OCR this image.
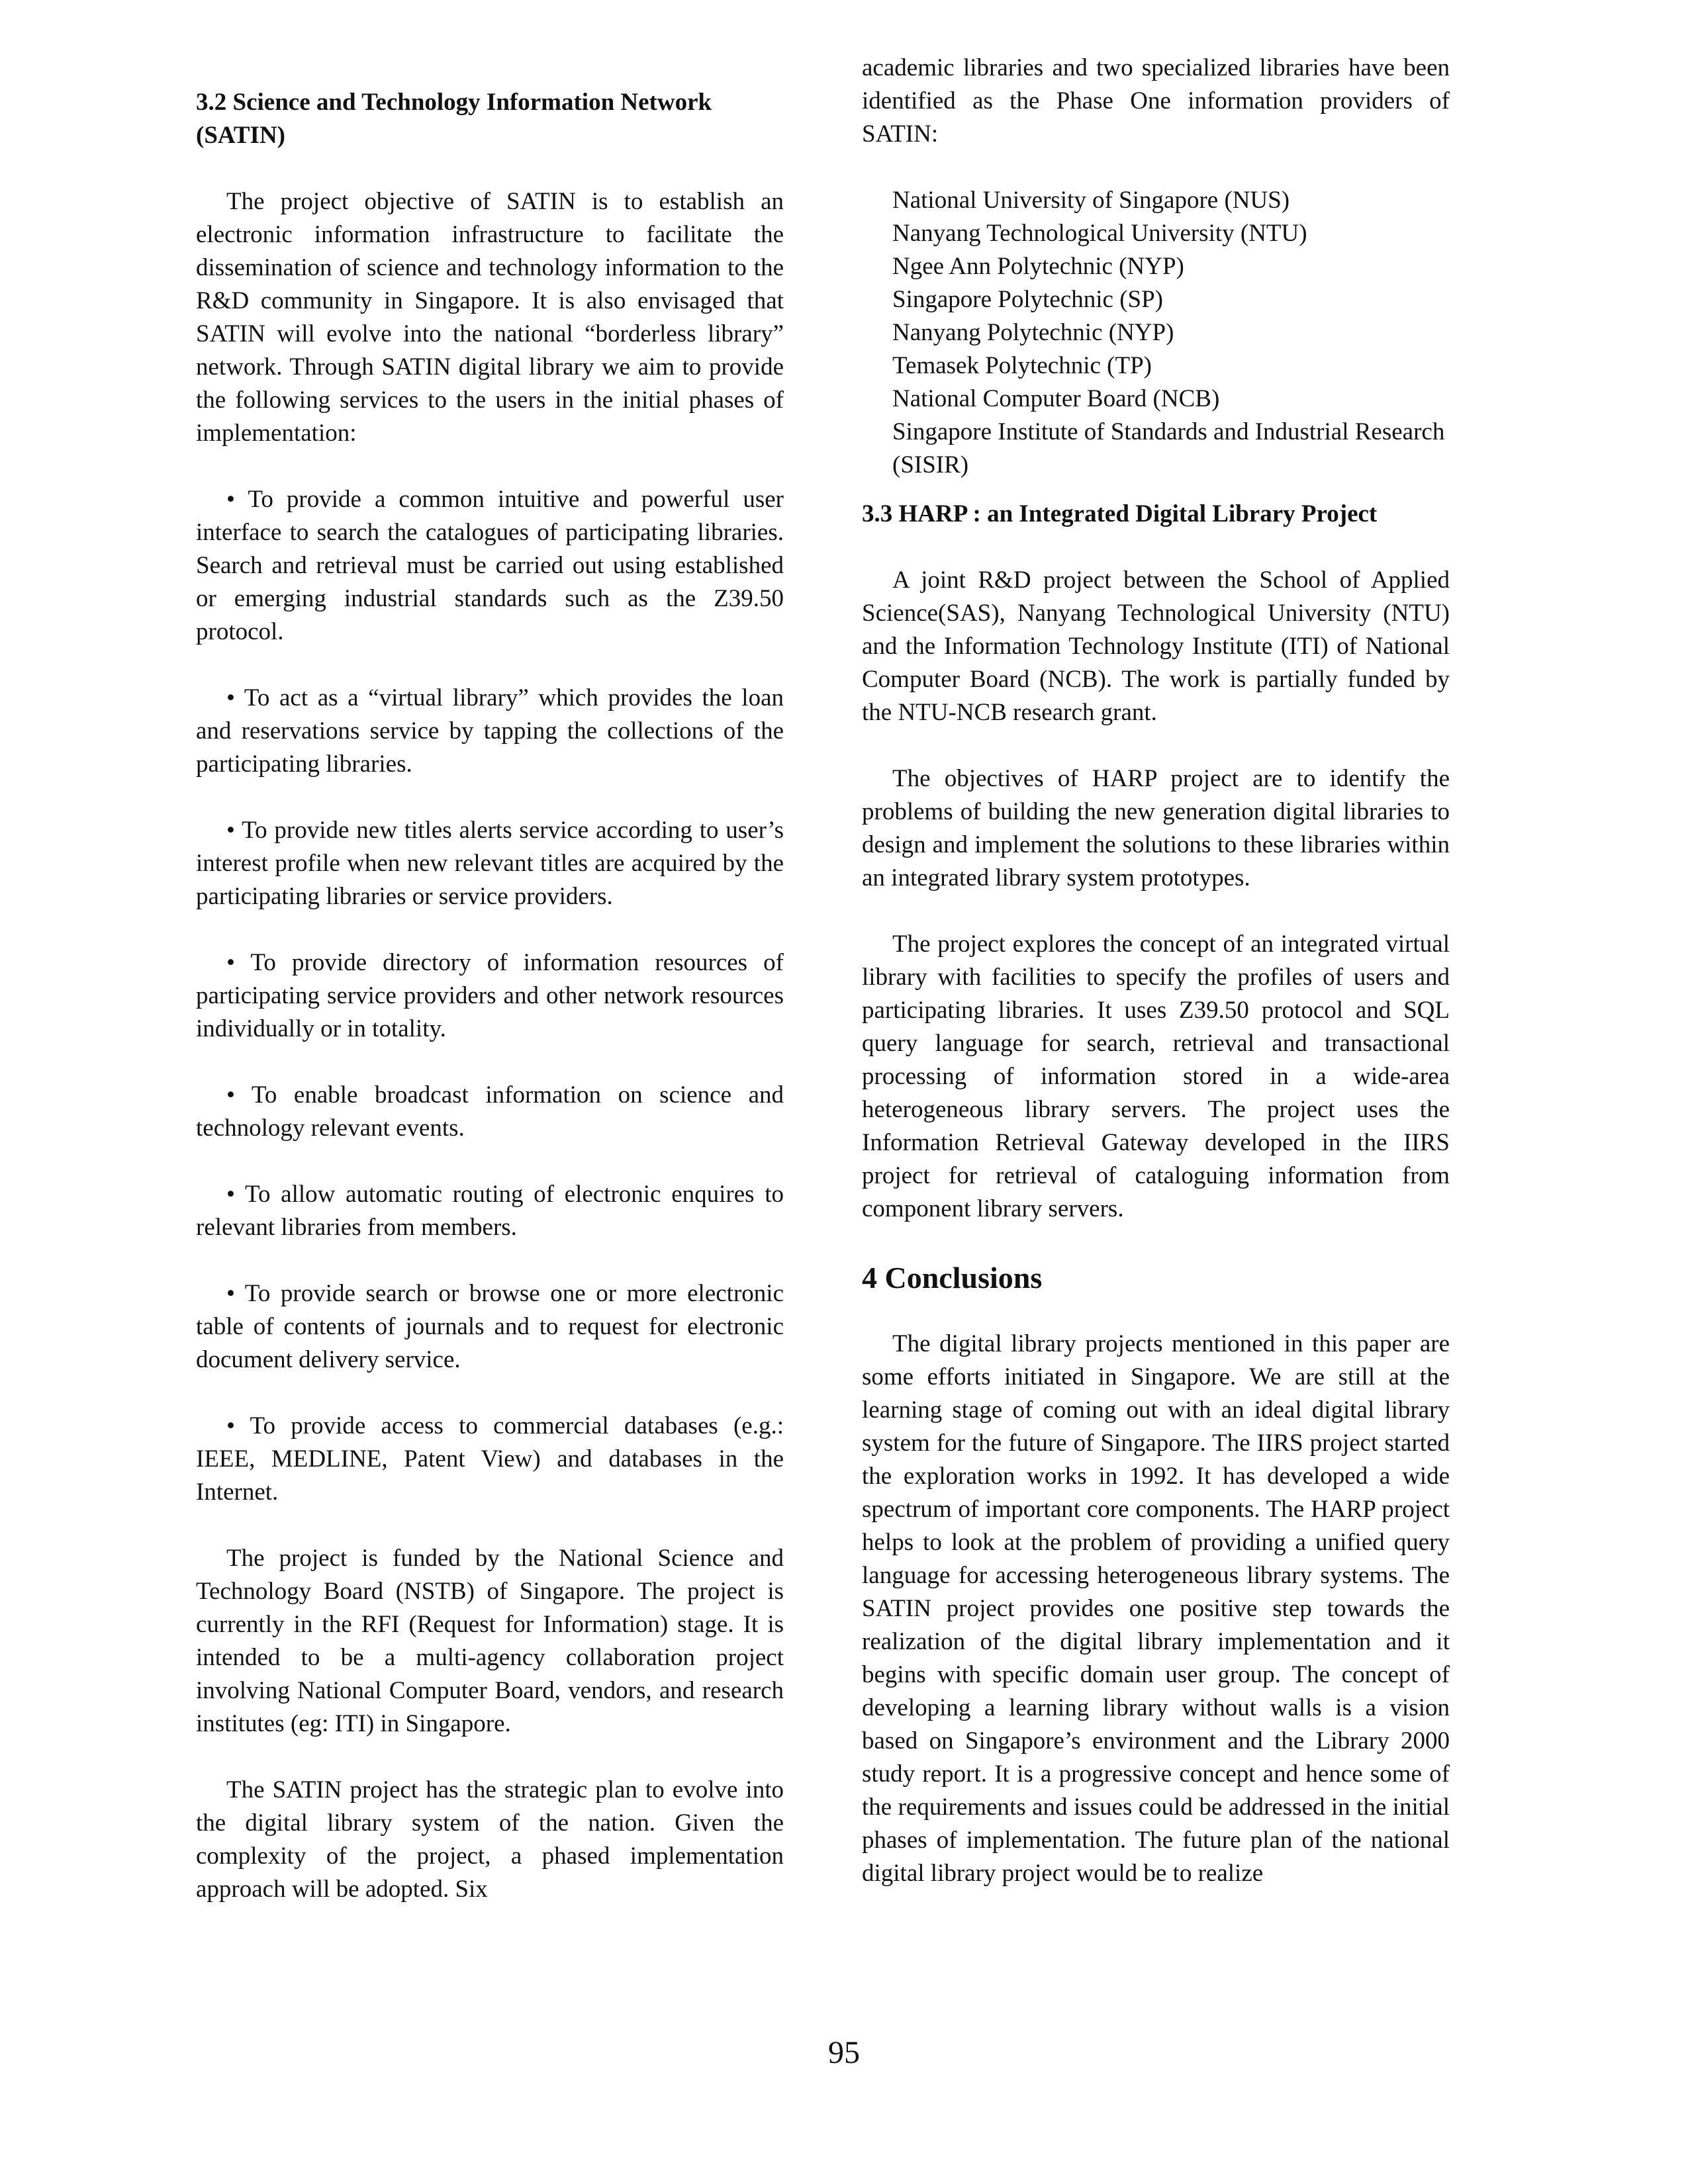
3.2 Science and Technology Information Network (SATIN)

The project objective of SATIN is to establish an electronic information infrastructure to facilitate the dissemination of science and technology information to the R&D community in Singapore. It is also envisaged that SATIN will evolve into the national “borderless library” network. Through SATIN digital library we aim to provide the following services to the users in the initial phases of implementation:

• To provide a common intuitive and powerful user interface to search the catalogues of participating libraries. Search and retrieval must be carried out using established or emerging industrial standards such as the Z39.50 protocol.

• To act as a “virtual library” which provides the loan and reservations service by tapping the collections of the participating libraries.

• To provide new titles alerts service according to user’s interest profile when new relevant titles are acquired by the participating libraries or service providers.

• To provide directory of information resources of participating service providers and other network resources individually or in totality.

• To enable broadcast information on science and technology relevant events.

• To allow automatic routing of electronic enquires to relevant libraries from members.

• To provide search or browse one or more electronic table of contents of journals and to request for electronic document delivery service.

• To provide access to commercial databases (e.g.: IEEE, MEDLINE, Patent View) and databases in the Internet.

The project is funded by the National Science and Technology Board (NSTB) of Singapore. The project is currently in the RFI (Request for Information) stage. It is intended to be a multi-agency collaboration project involving National Computer Board, vendors, and research institutes (eg: ITI) in Singapore.

The SATIN project has the strategic plan to evolve into the digital library system of the nation. Given the complexity of the project, a phased implementation approach will be adopted. Six

academic libraries and two specialized libraries have been identified as the Phase One information providers of SATIN:

National University of Singapore (NUS)
Nanyang Technological University (NTU)
Ngee Ann Polytechnic (NYP)
Singapore Polytechnic (SP)
Nanyang Polytechnic (NYP)
Temasek Polytechnic (TP)
National Computer Board (NCB)
Singapore Institute of Standards and Industrial Research (SISIR)
3.3 HARP : an Integrated Digital Library Project

A joint R&D project between the School of Applied Science(SAS), Nanyang Technological University (NTU) and the Information Technology Institute (ITI) of National Computer Board (NCB). The work is partially funded by the NTU-NCB research grant.

The objectives of HARP project are to identify the problems of building the new generation digital libraries to design and implement the solutions to these libraries within an integrated library system prototypes.

The project explores the concept of an integrated virtual library with facilities to specify the profiles of users and participating libraries. It uses Z39.50 protocol and SQL query language for search, retrieval and transactional processing of information stored in a wide-area heterogeneous library servers. The project uses the Information Retrieval Gateway developed in the IIRS project for retrieval of cataloguing information from component library servers.

4 Conclusions

The digital library projects mentioned in this paper are some efforts initiated in Singapore. We are still at the learning stage of coming out with an ideal digital library system for the future of Singapore. The IIRS project started the exploration works in 1992. It has developed a wide spectrum of important core components. The HARP project helps to look at the problem of providing a unified query language for accessing heterogeneous library systems. The SATIN project provides one positive step towards the realization of the digital library implementation and it begins with specific domain user group. The concept of developing a learning library without walls is a vision based on Singapore’s environment and the Library 2000 study report. It is a progressive concept and hence some of the requirements and issues could be addressed in the initial phases of implementation. The future plan of the national digital library project would be to realize

95
